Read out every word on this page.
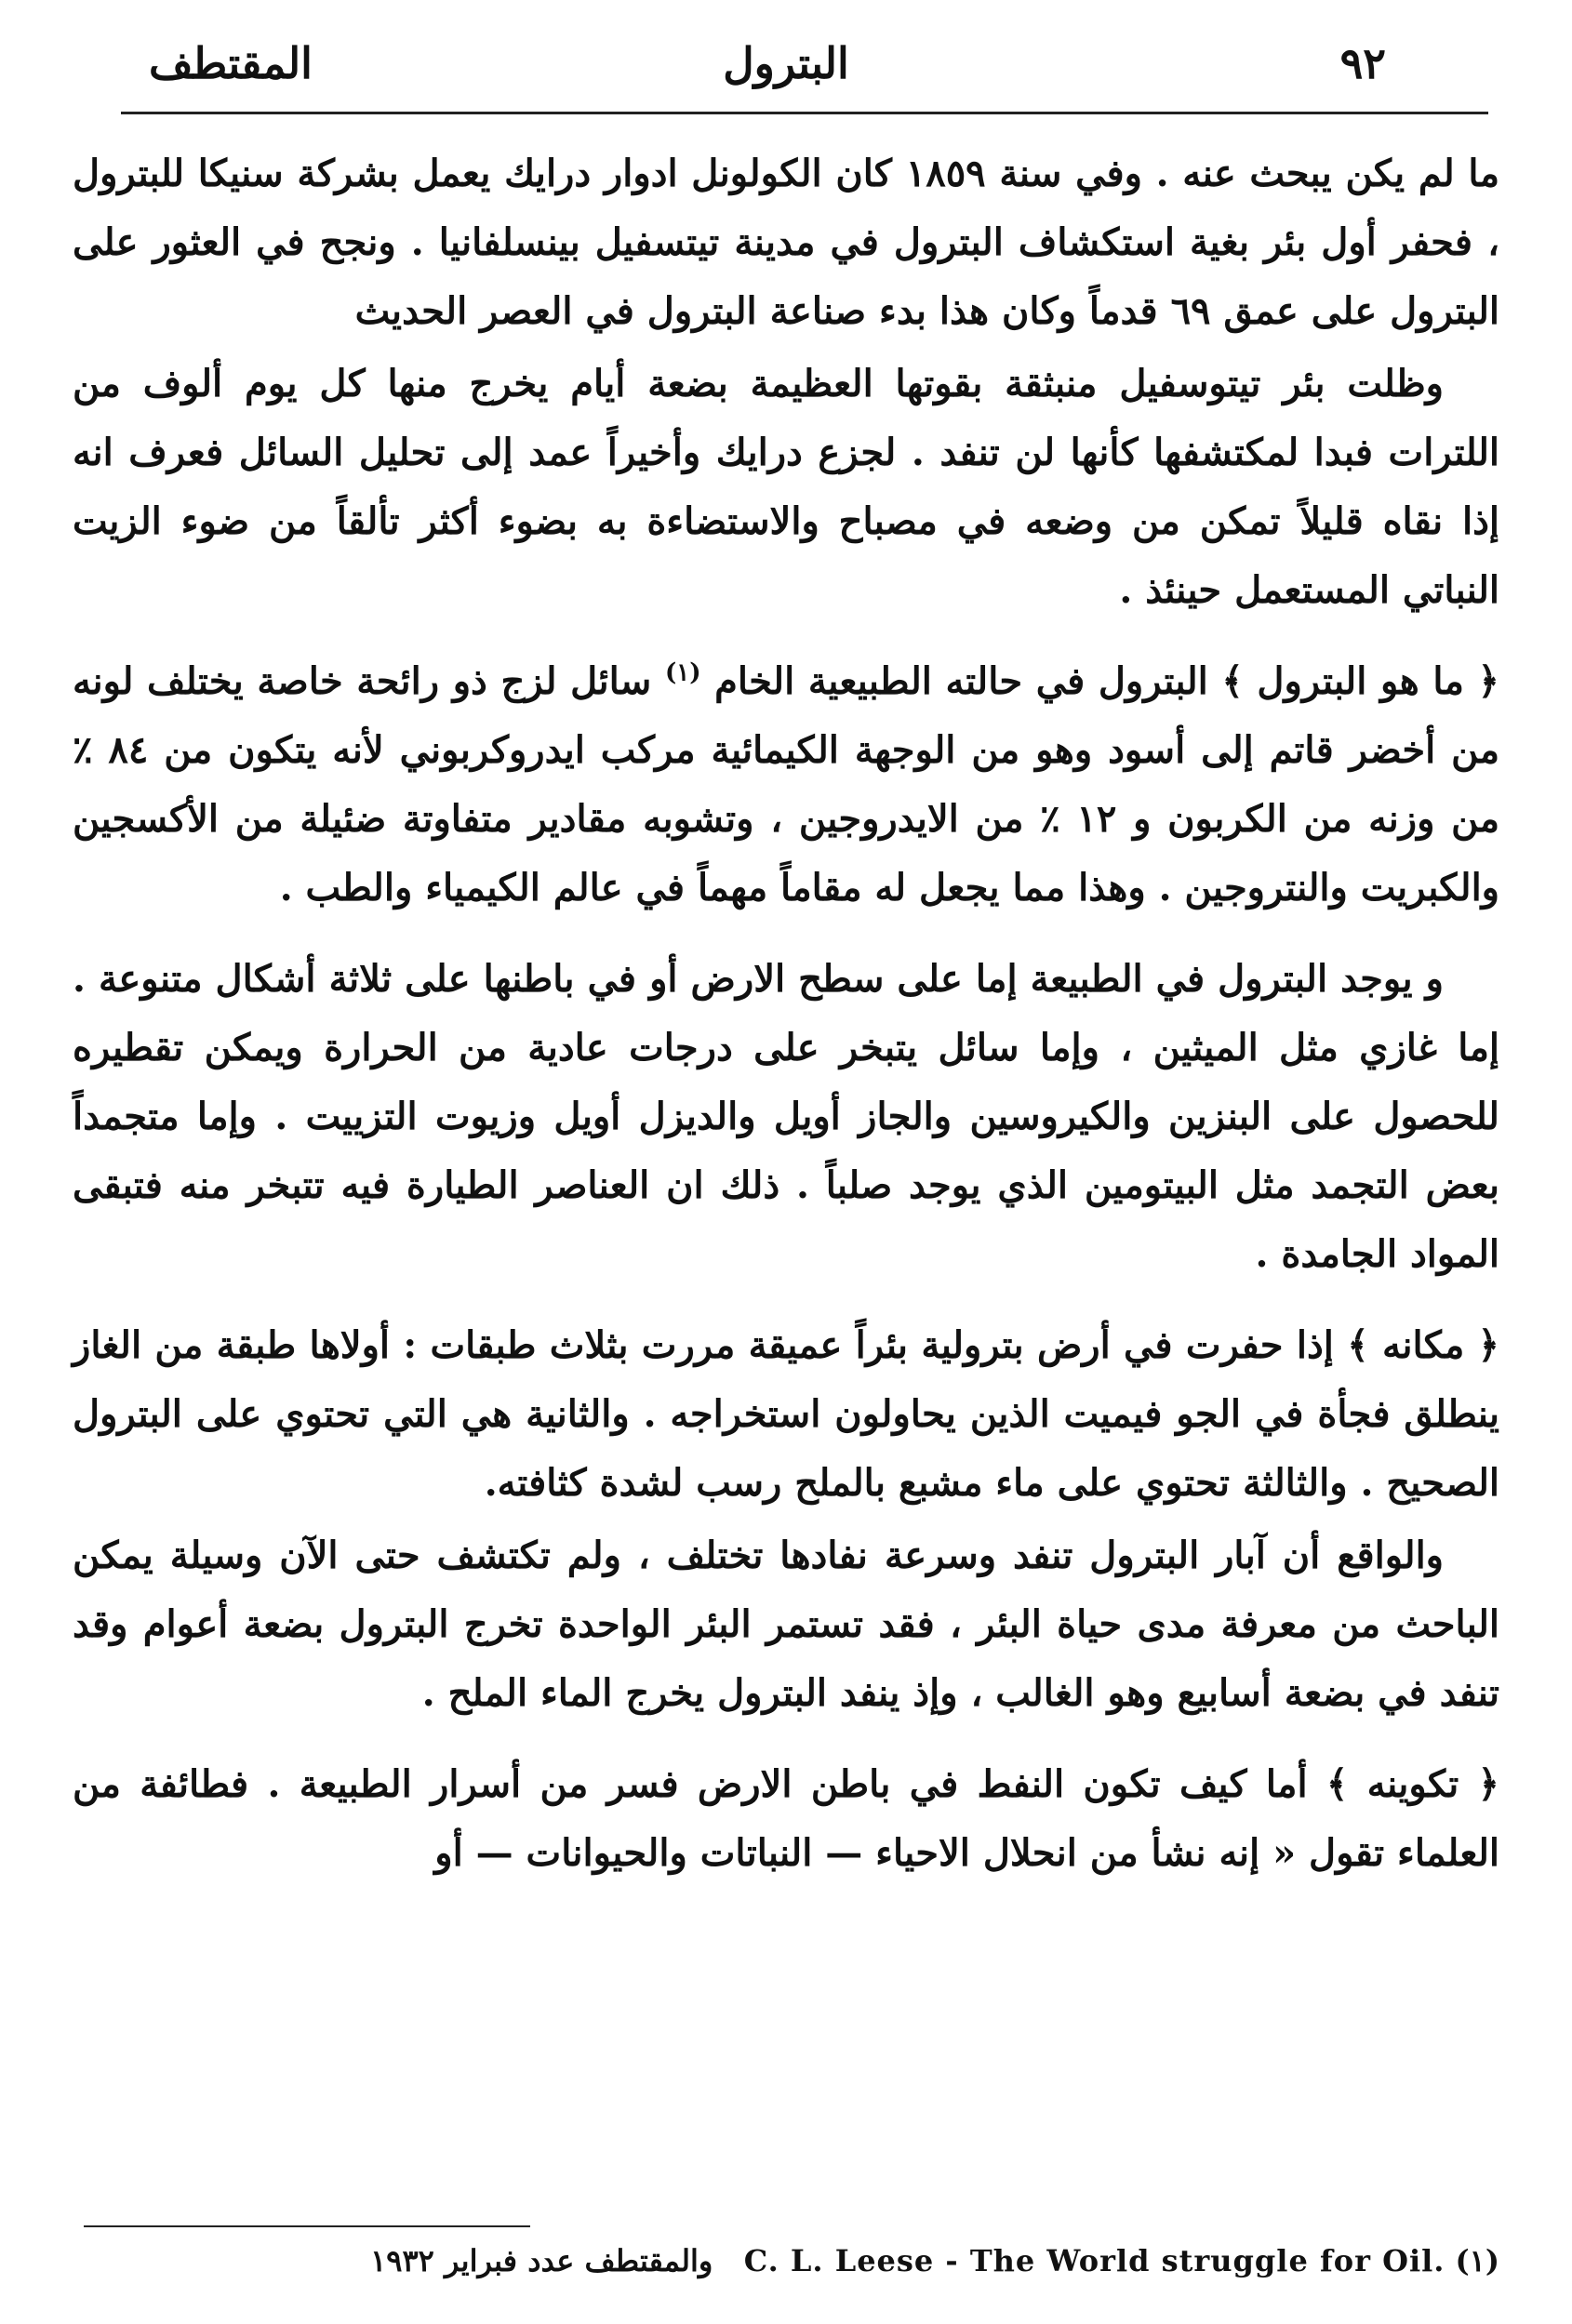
المقتطف	البترول	٩٢

ما لم يكن يبحث عنه . وفي سنة ١٨٥٩ كان الكولونل ادوار درايك يعمل بشركة سنيكا للبترول ، فحفر أول بئر بغية استكشاف البترول في مدينة تيتسفيل بينسلفانيا . ونجح في العثور على البترول على عمق ٦٩ قدماً وكان هذا بدء صناعة البترول في العصر الحديث

وظلت بئر تيتوسفيل منبثقة بقوتها العظيمة بضعة أيام يخرج منها كل يوم ألوف من اللترات فبدا لمكتشفها كأنها لن تنفد . لجزع درايك وأخيراً عمد إلى تحليل السائل فعرف انه إذا نقاه قليلاً تمكن من وضعه في مصباح والاستضاءة به بضوء أكثر تألقاً من ضوء الزيت النباتي المستعمل حينئذ .

﴿ ما هو البترول ﴾ البترول في حالته الطبيعية الخام $^{(١)}$ سائل لزج ذو رائحة خاصة يختلف لونه من أخضر قاتم إلى أسود وهو من الوجهة الكيمائية مركب ايدروكربوني لأنه يتكون من ٨٤ ٪ من وزنه من الكربون و ١٢ ٪ من الايدروجين ، وتشوبه مقادير متفاوتة ضئيلة من الأكسجين والكبريت والنتروجين . وهذا مما يجعل له مقاماً مهماً في عالم الكيمياء والطب .

و يوجد البترول في الطبيعة إما على سطح الارض أو في باطنها على ثلاثة أشكال متنوعة . إما غازي مثل الميثين ، وإما سائل يتبخر على درجات عادية من الحرارة ويمكن تقطيره للحصول على البنزين والكيروسين والجاز أويل والديزل أويل وزيوت التزييت . وإما متجمداً بعض التجمد مثل البيتومين الذي يوجد صلباً . ذلك ان العناصر الطيارة فيه تتبخر منه فتبقى المواد الجامدة .

﴿ مكانه ﴾ إذا حفرت في أرض بترولية بئراً عميقة مررت بثلاث طبقات : أولاها طبقة من الغاز ينطلق فجأة في الجو فيميت الذين يحاولون استخراجه . والثانية هي التي تحتوي على البترول الصحيح . والثالثة تحتوي على ماء مشبع بالملح رسب لشدة كثافته.

والواقع أن آبار البترول تنفد وسرعة نفادها تختلف ، ولم تكتشف حتى الآن وسيلة يمكن الباحث من معرفة مدى حياة البئر ، فقد تستمر البئر الواحدة تخرج البترول بضعة أعوام وقد تنفد في بضعة أسابيع وهو الغالب ، وإذ ينفد البترول يخرج الماء الملح .

﴿ تكوينه ﴾ أما كيف تكون النفط في باطن الارض فسر من أسرار الطبيعة . فطائفة من العلماء تقول « إنه نشأ من انحلال الاحياء — النباتات والحيوانات — أو

والمقتطف عدد فبراير ١٩٣٢ C. L. Leese - The World struggle for Oil. (١)
